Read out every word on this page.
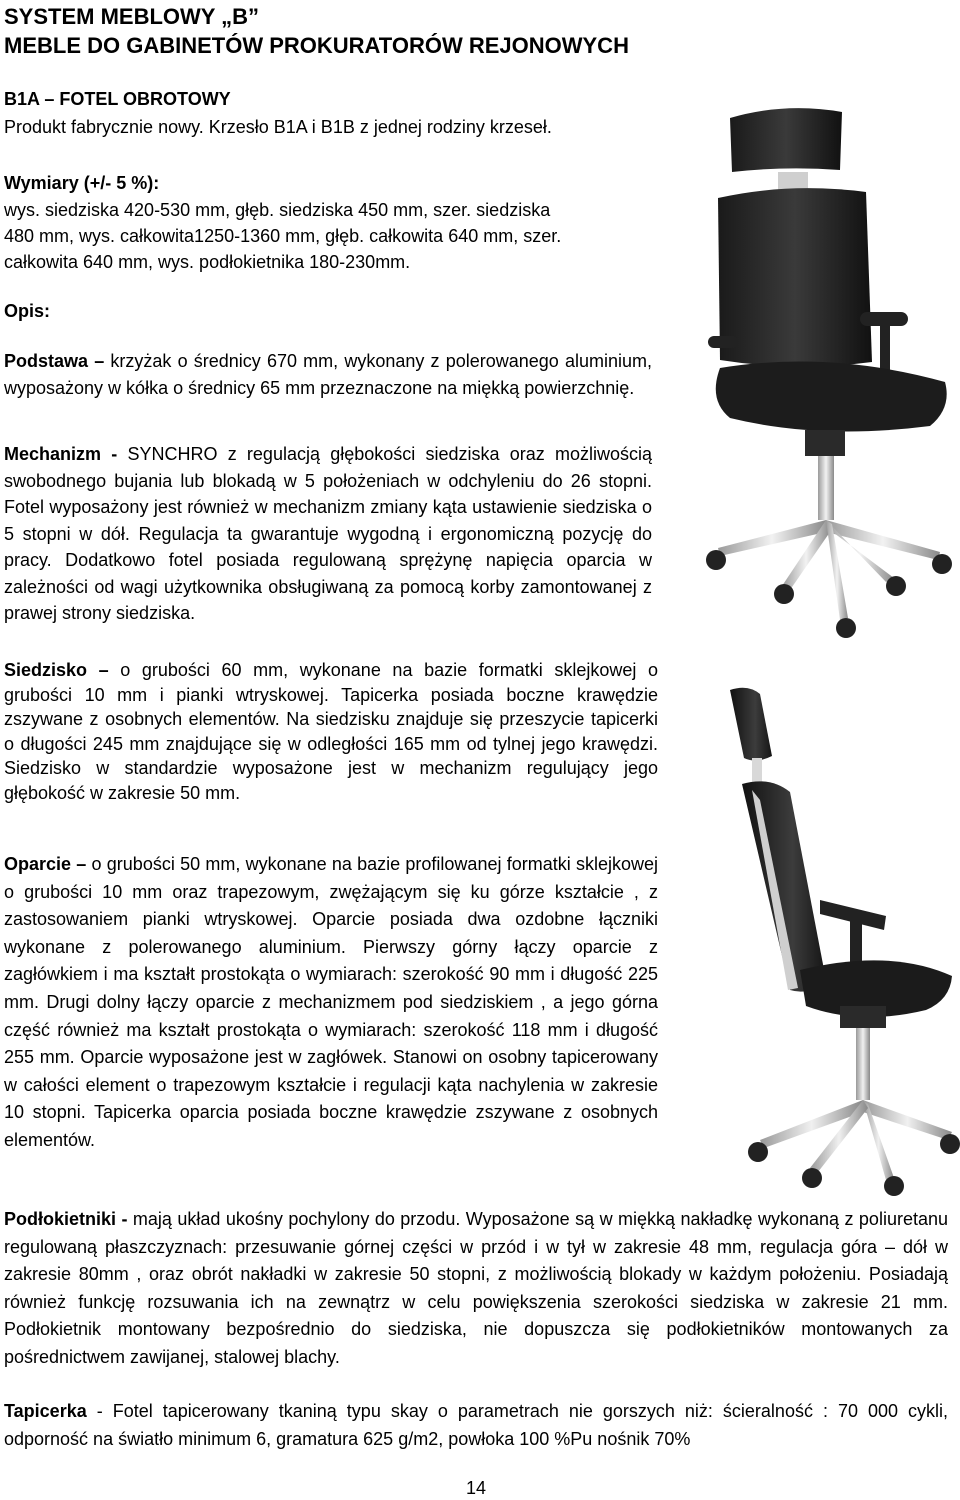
SYSTEM MEBLOWY „B”
MEBLE DO GABINETÓW PROKURATORÓW REJONOWYCH
B1A – FOTEL OBROTOWY
Produkt fabrycznie nowy. Krzesło B1A i B1B z jednej rodziny krzeseł.
Wymiary (+/- 5 %):
wys. siedziska 420-530 mm, głęb. siedziska 450 mm, szer. siedziska
480 mm, wys. całkowita1250-1360 mm, głęb. całkowita 640 mm, szer.
całkowita 640 mm, wys. podłokietnika 180-230mm.
Opis:
Podstawa – krzyżak o średnicy 670 mm, wykonany z polerowanego aluminium, wyposażony w kółka o średnicy 65 mm przeznaczone na miękką powierzchnię.
Mechanizm - SYNCHRO z regulacją głębokości siedziska oraz możliwością swobodnego bujania lub blokadą w 5 położeniach w odchyleniu do 26 stopni. Fotel wyposażony jest również w mechanizm zmiany kąta ustawienie siedziska o 5 stopni w dół. Regulacja ta gwarantuje wygodną i ergonomiczną pozycję do pracy. Dodatkowo fotel posiada regulowaną sprężynę napięcia oparcia w zależności od wagi użytkownika obsługiwaną za pomocą korby zamontowanej z prawej strony siedziska.
Siedzisko – o grubości 60 mm, wykonane na bazie formatki sklejkowej o grubości 10 mm i pianki wtryskowej. Tapicerka posiada boczne krawędzie zszywane z osobnych elementów. Na siedzisku znajduje się przeszycie tapicerki o długości 245 mm znajdujące się w odległości 165 mm od tylnej jego krawędzi. Siedzisko w standardzie wyposażone jest w mechanizm regulujący jego głębokość w zakresie 50 mm.
Oparcie – o grubości 50 mm, wykonane na bazie profilowanej formatki sklejkowej o grubości 10 mm oraz trapezowym, zwężającym się ku górze kształcie , z zastosowaniem pianki wtryskowej. Oparcie posiada dwa ozdobne łączniki wykonane z polerowanego aluminium. Pierwszy górny łączy oparcie z zagłówkiem i ma kształt prostokąta o wymiarach: szerokość 90 mm i długość 225 mm. Drugi dolny łączy oparcie z mechanizmem pod siedziskiem , a jego górna część również ma kształt prostokąta o wymiarach: szerokość 118 mm i długość 255 mm. Oparcie wyposażone jest w zagłówek. Stanowi on osobny tapicerowany w całości element o trapezowym kształcie i regulacji kąta nachylenia w zakresie 10 stopni. Tapicerka oparcia posiada boczne krawędzie zszywane z osobnych elementów.
Podłokietniki - mają układ ukośny pochylony do przodu. Wyposażone są w miękką nakładkę wykonaną z poliuretanu regulowaną płaszczyznach: przesuwanie górnej części w przód i w tył w zakresie 48 mm, regulacja góra – dół w zakresie 80mm , oraz obrót nakładki w zakresie 50 stopni, z możliwością blokady w każdym położeniu. Posiadają również funkcję rozsuwania ich na zewnątrz w celu powiększenia szerokości siedziska w zakresie 21 mm. Podłokietnik montowany bezpośrednio do siedziska, nie dopuszcza się podłokietników montowanych za pośrednictwem zawijanej, stalowej blachy.
Tapicerka - Fotel tapicerowany tkaniną typu skay o parametrach nie gorszych niż: ścieralność : 70 000 cykli, odporność na światło minimum 6, gramatura 625 g/m2, powłoka 100 %Pu nośnik 70%
14
